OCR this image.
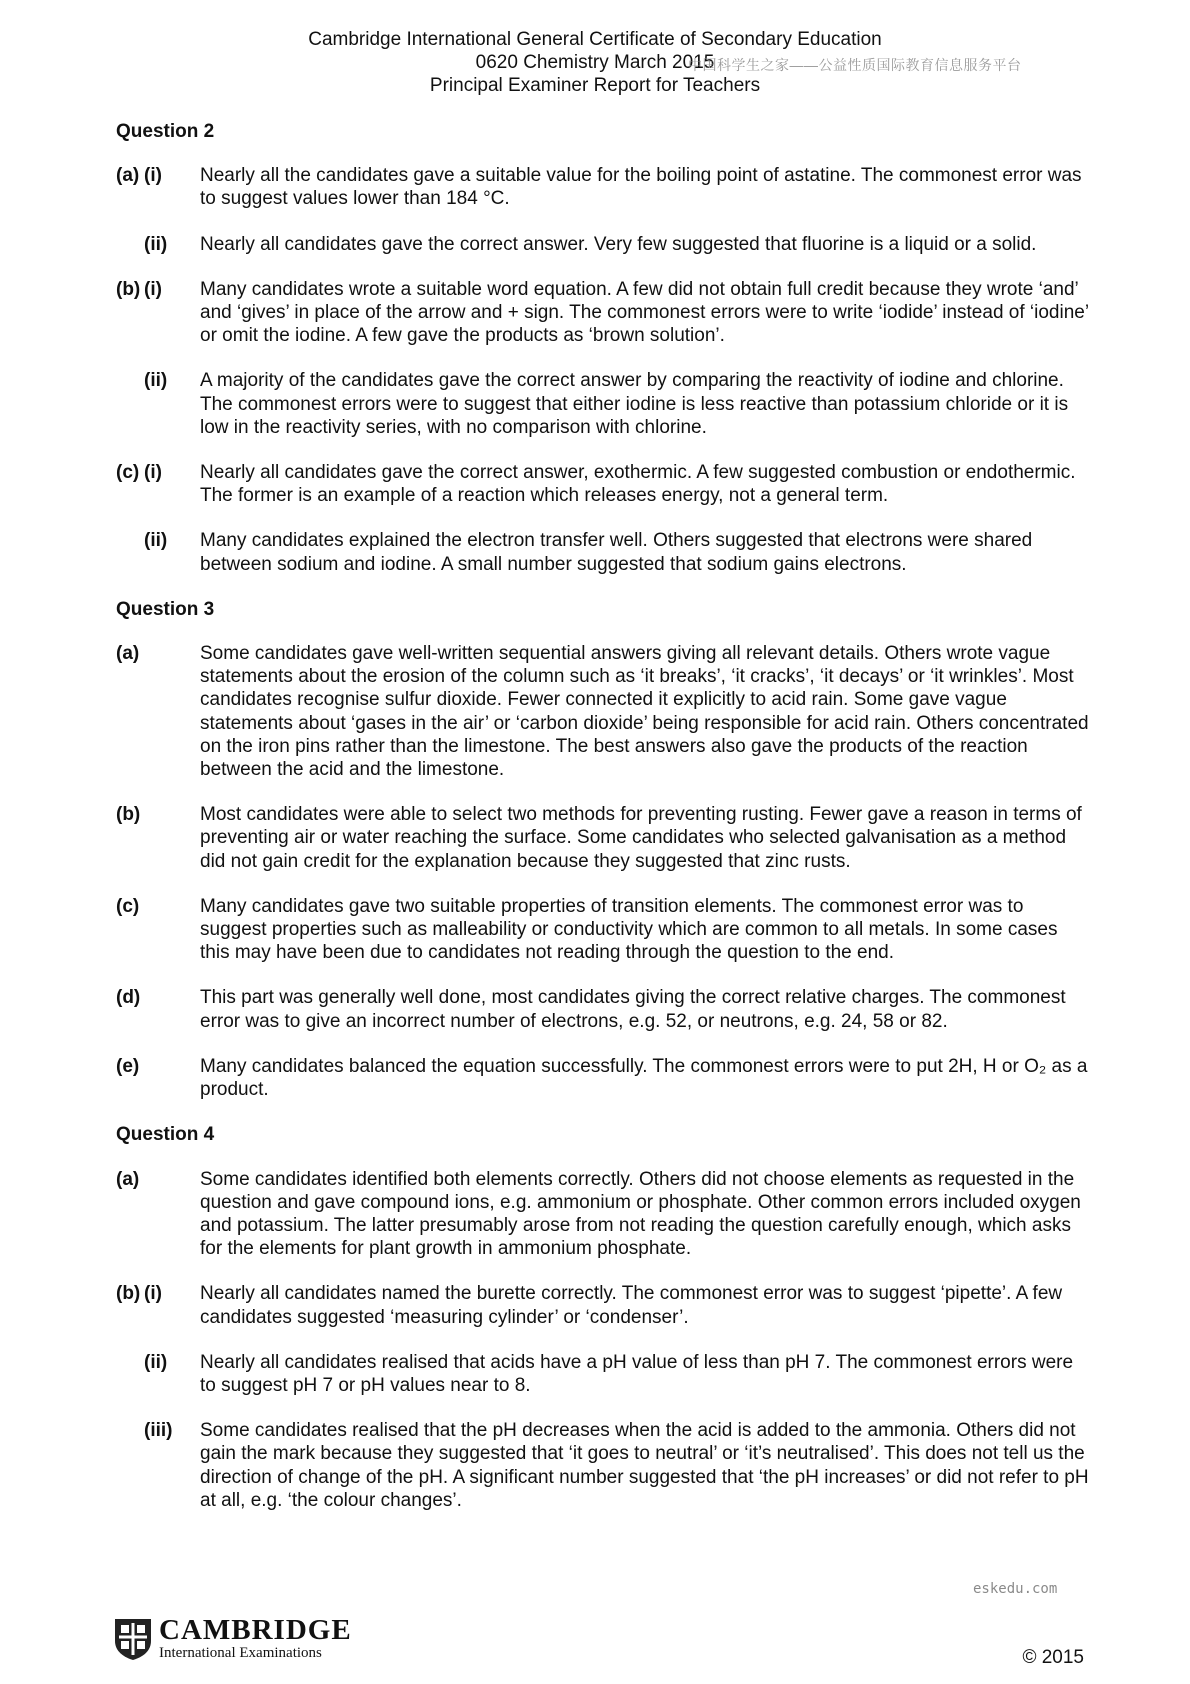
Cambridge International General Certificate of Secondary Education
0620 Chemistry March 2015
Principal Examiner Report for Teachers
中国科学生之家——公益性质国际教育信息服务平台
Question 2
(a) (i)	Nearly all the candidates gave a suitable value for the boiling point of astatine. The commonest error was to suggest values lower than 184 °C.
(ii)	Nearly all candidates gave the correct answer. Very few suggested that fluorine is a liquid or a solid.
(b) (i)	Many candidates wrote a suitable word equation. A few did not obtain full credit because they wrote ‘and’ and ‘gives’ in place of the arrow and + sign. The commonest errors were to write ‘iodide’ instead of ‘iodine’ or omit the iodine. A few gave the products as ‘brown solution’.
(ii)	A majority of the candidates gave the correct answer by comparing the reactivity of iodine and chlorine. The commonest errors were to suggest that either iodine is less reactive than potassium chloride or it is low in the reactivity series, with no comparison with chlorine.
(c) (i)	Nearly all candidates gave the correct answer, exothermic. A few suggested combustion or endothermic. The former is an example of a reaction which releases energy, not a general term.
(ii)	Many candidates explained the electron transfer well. Others suggested that electrons were shared between sodium and iodine. A small number suggested that sodium gains electrons.
Question 3
(a)	Some candidates gave well-written sequential answers giving all relevant details. Others wrote vague statements about the erosion of the column such as ‘it breaks’, ‘it cracks’, ‘it decays’ or ‘it wrinkles’. Most candidates recognise sulfur dioxide. Fewer connected it explicitly to acid rain. Some gave vague statements about ‘gases in the air’ or ‘carbon dioxide’ being responsible for acid rain. Others concentrated on the iron pins rather than the limestone. The best answers also gave the products of the reaction between the acid and the limestone.
(b)	Most candidates were able to select two methods for preventing rusting. Fewer gave a reason in terms of preventing air or water reaching the surface. Some candidates who selected galvanisation as a method did not gain credit for the explanation because they suggested that zinc rusts.
(c)	Many candidates gave two suitable properties of transition elements. The commonest error was to suggest properties such as malleability or conductivity which are common to all metals. In some cases this may have been due to candidates not reading through the question to the end.
(d)	This part was generally well done, most candidates giving the correct relative charges. The commonest error was to give an incorrect number of electrons, e.g. 52, or neutrons, e.g. 24, 58 or 82.
(e)	Many candidates balanced the equation successfully. The commonest errors were to put 2H, H or O₂ as a product.
Question 4
(a)	Some candidates identified both elements correctly. Others did not choose elements as requested in the question and gave compound ions, e.g. ammonium or phosphate. Other common errors included oxygen and potassium. The latter presumably arose from not reading the question carefully enough, which asks for the elements for plant growth in ammonium phosphate.
(b) (i)	Nearly all candidates named the burette correctly. The commonest error was to suggest ‘pipette’. A few candidates suggested ‘measuring cylinder’ or ‘condenser’.
(ii)	Nearly all candidates realised that acids have a pH value of less than pH 7. The commonest errors were to suggest pH 7 or pH values near to 8.
(iii)	Some candidates realised that the pH decreases when the acid is added to the ammonia. Others did not gain the mark because they suggested that ‘it goes to neutral’ or ‘it’s neutralised’. This does not tell us the direction of change of the pH. A significant number suggested that ‘the pH increases’ or did not refer to pH at all, e.g. ‘the colour changes’.
eskedu.com
CAMBRIDGE
International Examinations	© 2015
